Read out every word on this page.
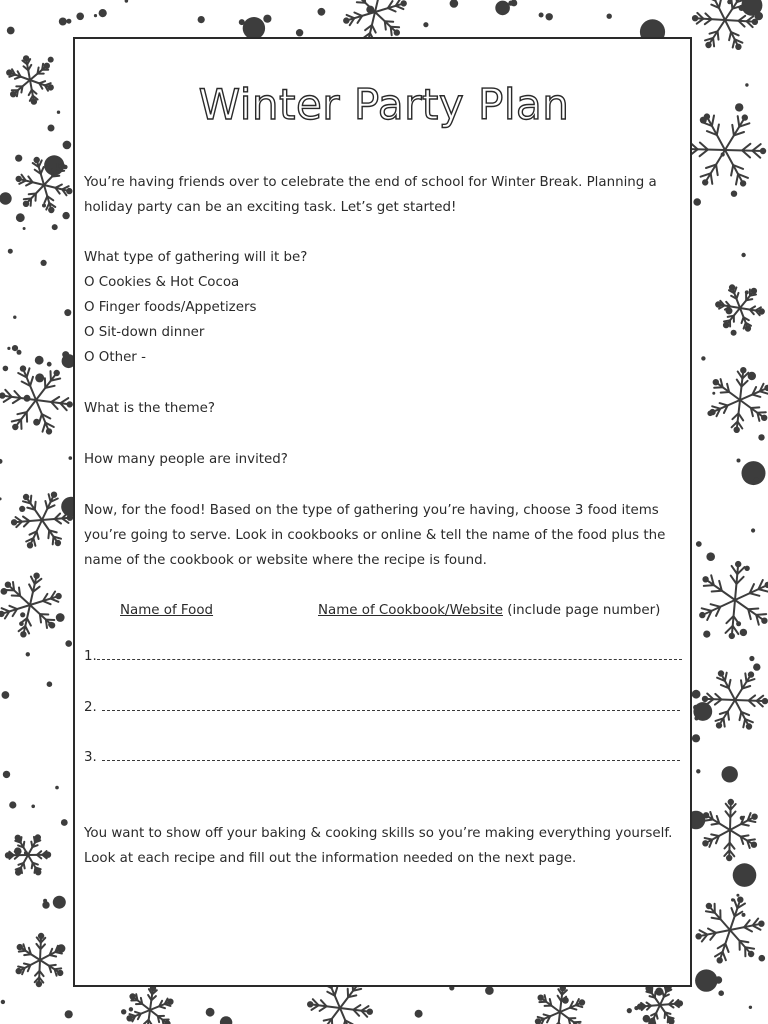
Winter Party Plan

You’re having friends over to celebrate the end of school for Winter Break. Planning a

holiday party can be an exciting task. Let’s get started!

What type of gathering will it be?

O Cookies & Hot Cocoa

O Finger foods/Appetizers

O Sit-down dinner

O Other -

What is the theme?

How many people are invited?

Now, for the food! Based on the type of gathering you’re having, choose 3 food items

you’re going to serve. Look in cookbooks or online & tell the name of the food plus the

name of the cookbook or website where the recipe is found.

Name of Food	Name of Cookbook/Website (include page number)

1.
2.
3.

You want to show off your baking & cooking skills so you’re making everything yourself.

Look at each recipe and fill out the information needed on the next page.
